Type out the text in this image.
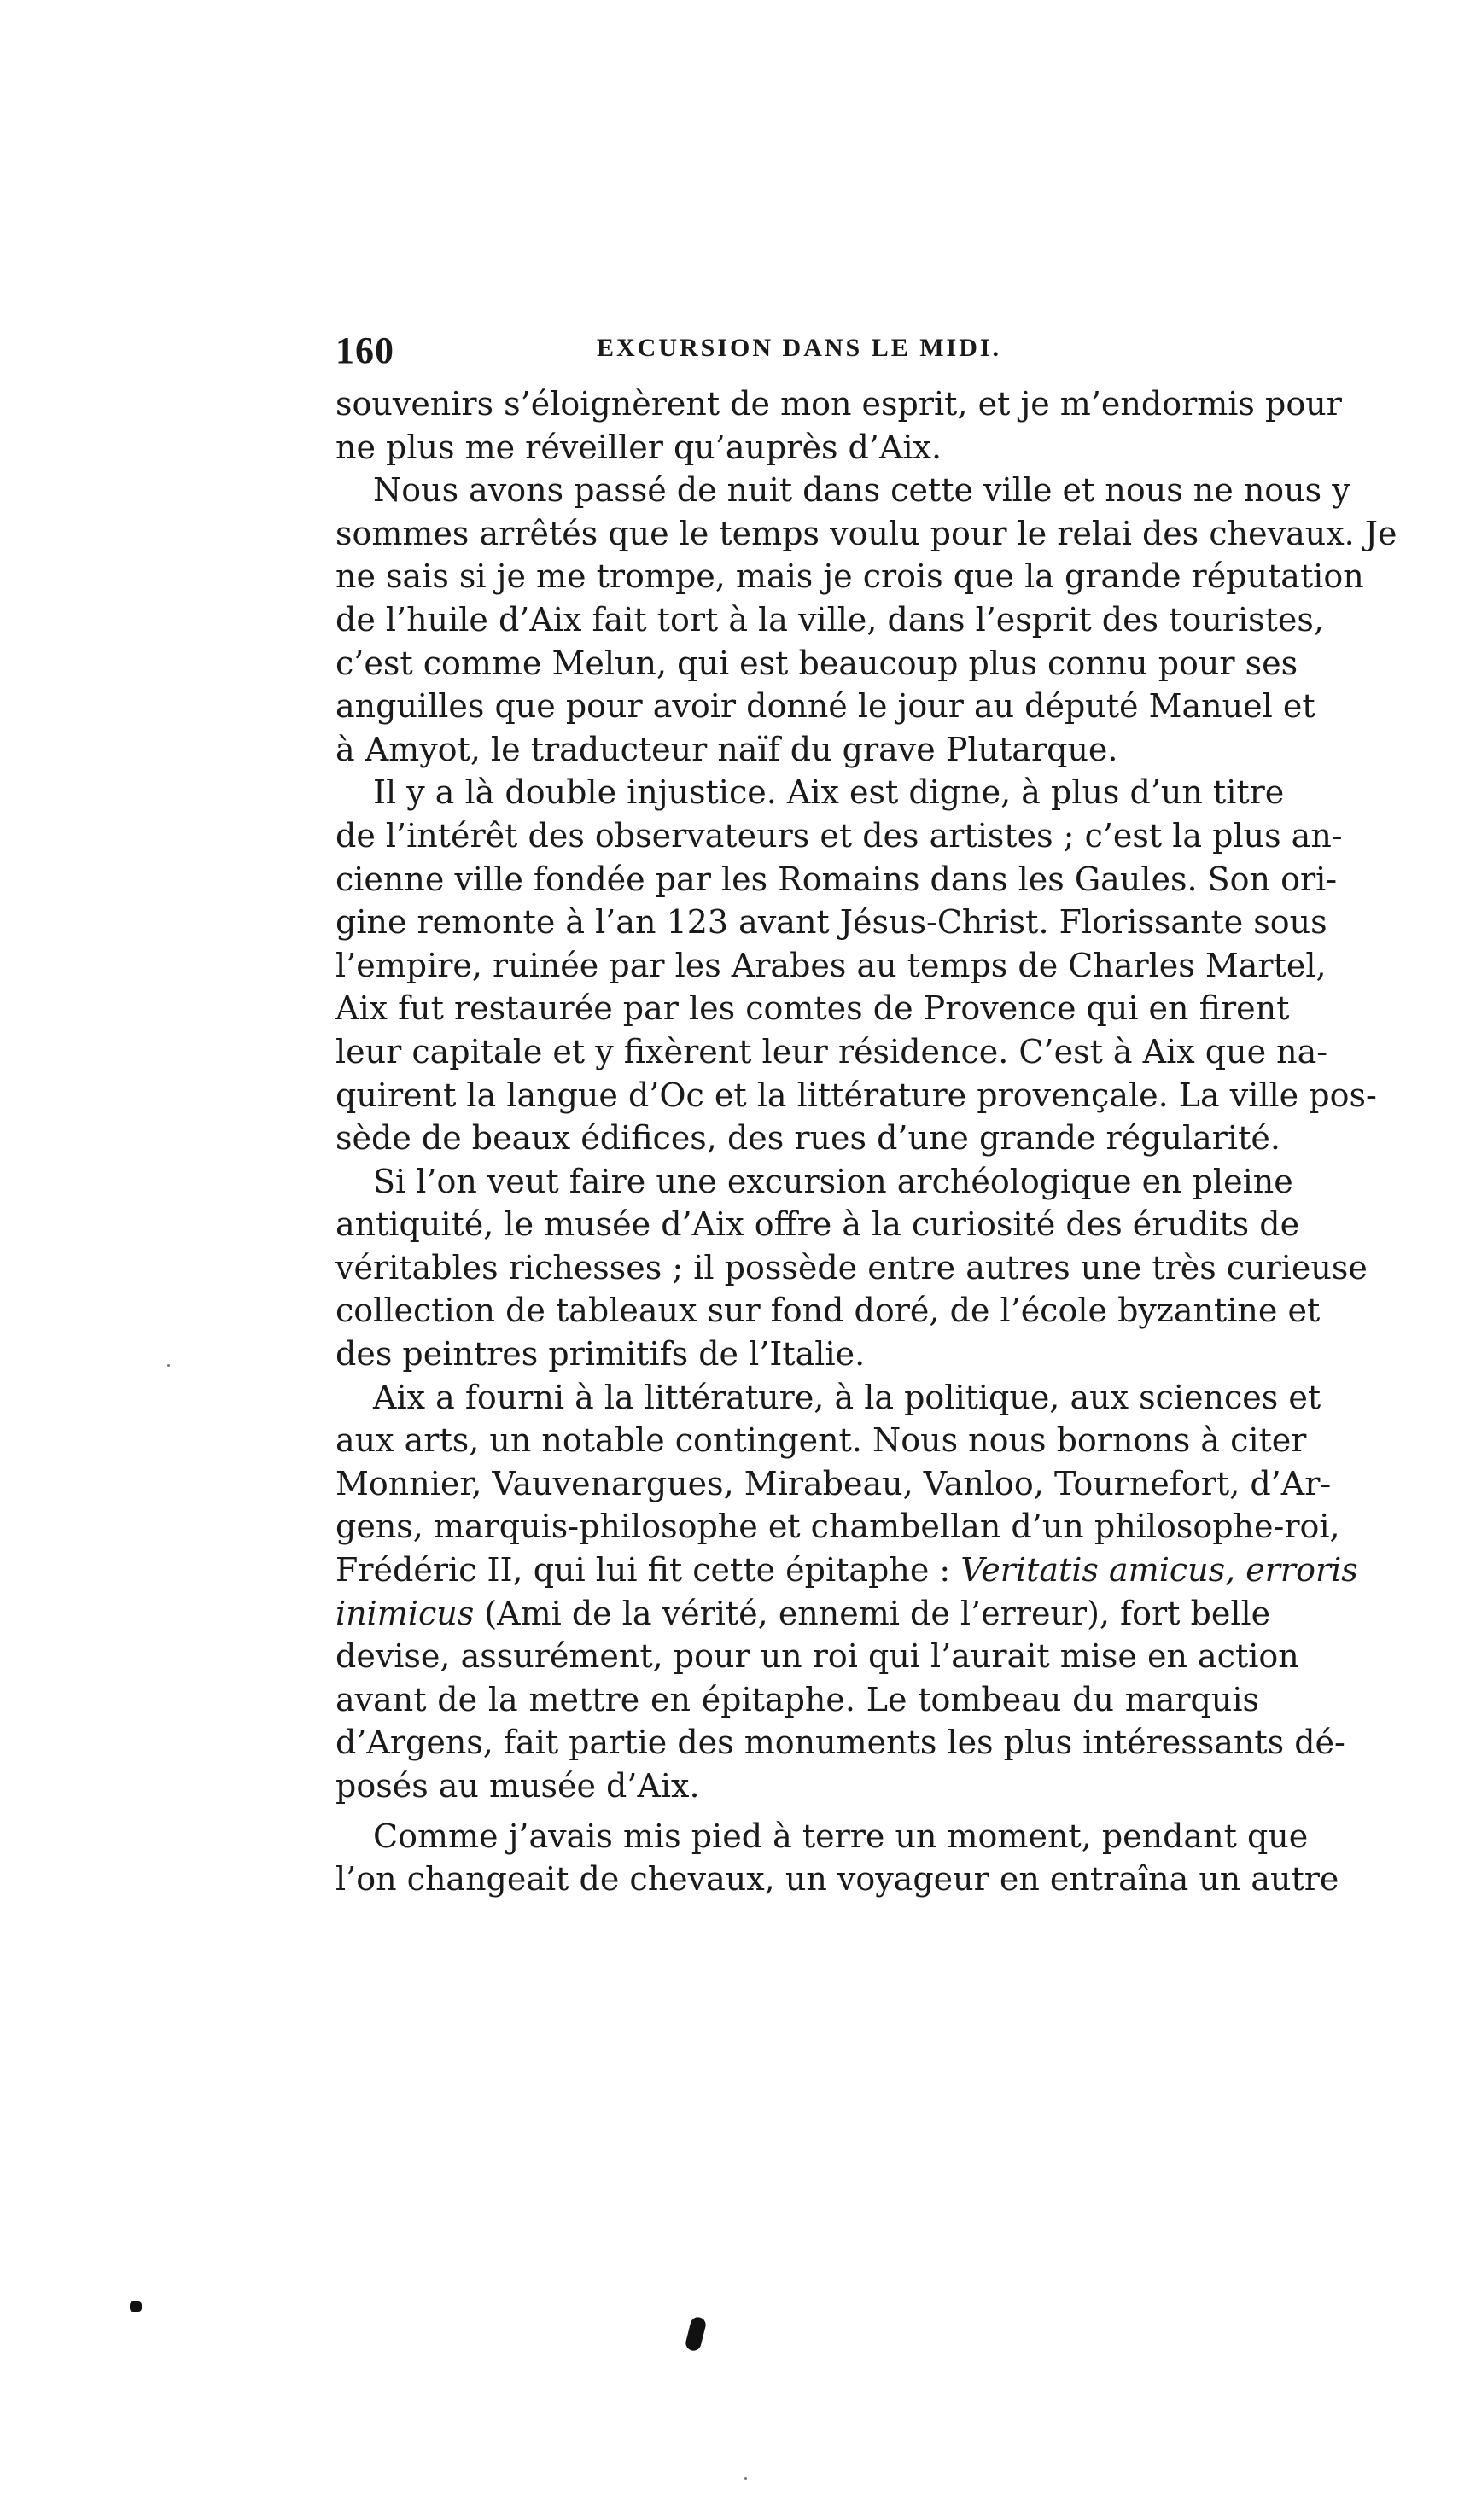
160	EXCURSION DANS LE MIDI.
souvenirs s’éloignèrent de mon esprit, et je m’endormis pour
ne plus me réveiller qu’auprès d’Aix.
Nous avons passé de nuit dans cette ville et nous ne nous y
sommes arrêtés que le temps voulu pour le relai des chevaux. Je
ne sais si je me trompe, mais je crois que la grande réputation
de l’huile d’Aix fait tort à la ville, dans l’esprit des touristes,
c’est comme Melun, qui est beaucoup plus connu pour ses
anguilles que pour avoir donné le jour au député Manuel et
à Amyot, le traducteur naïf du grave Plutarque.
Il y a là double injustice. Aix est digne, à plus d’un titre
de l’intérêt des observateurs et des artistes ; c’est la plus an-
cienne ville fondée par les Romains dans les Gaules. Son ori-
gine remonte à l’an 123 avant Jésus-Christ. Florissante sous
l’empire, ruinée par les Arabes au temps de Charles Martel,
Aix fut restaurée par les comtes de Provence qui en firent
leur capitale et y fixèrent leur résidence. C’est à Aix que na-
quirent la langue d’Oc et la littérature provençale. La ville pos-
sède de beaux édifices, des rues d’une grande régularité.
Si l’on veut faire une excursion archéologique en pleine
antiquité, le musée d’Aix offre à la curiosité des érudits de
véritables richesses ; il possède entre autres une très curieuse
collection de tableaux sur fond doré, de l’école byzantine et
des peintres primitifs de l’Italie.
Aix a fourni à la littérature, à la politique, aux sciences et
aux arts, un notable contingent. Nous nous bornons à citer
Monnier, Vauvenargues, Mirabeau, Vanloo, Tournefort, d’Ar-
gens, marquis-philosophe et chambellan d’un philosophe-roi,
Frédéric II, qui lui fit cette épitaphe : Veritatis amicus, erroris
inimicus (Ami de la vérité, ennemi de l’erreur), fort belle
devise, assurément, pour un roi qui l’aurait mise en action
avant de la mettre en épitaphe. Le tombeau du marquis
d’Argens, fait partie des monuments les plus intéressants dé-
posés au musée d’Aix.
Comme j’avais mis pied à terre un moment, pendant que
l’on changeait de chevaux, un voyageur en entraîna un autre
